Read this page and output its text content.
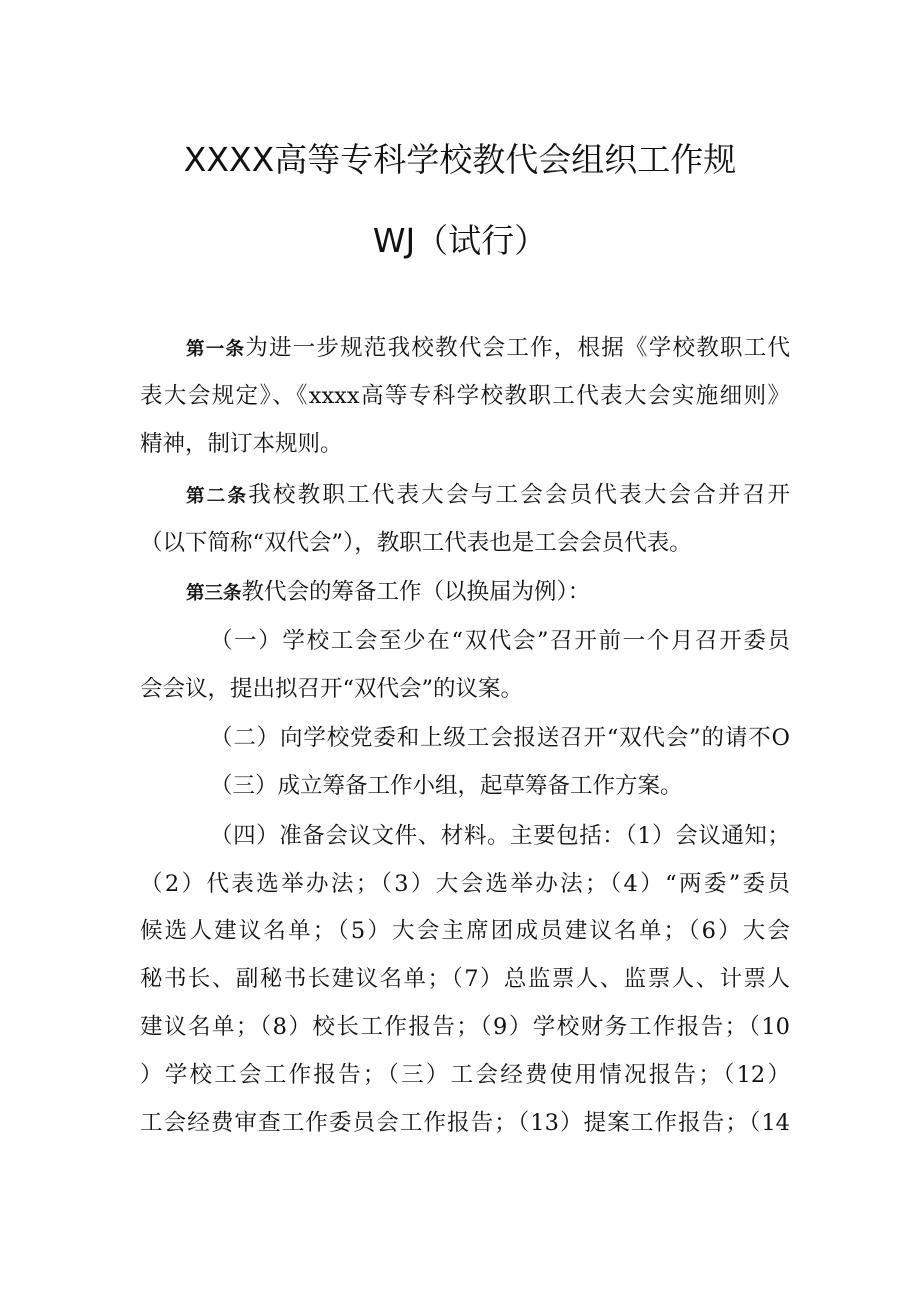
XXXX高等专科学校教代会组织工作规
WJ（试行）
第一条为进一步规范我校教代会工作，根据《学校教职工代
表大会规定》、《xxxx高等专科学校教职工代表大会实施细则》
精神，制订本规则。
第二条我校教职工代表大会与工会会员代表大会合并召开
（以下简称“双代会”），教职工代表也是工会会员代表。
第三条教代会的筹备工作（以换届为例）：
（一）学校工会至少在“双代会”召开前一个月召开委员
会会议，提出拟召开“双代会”的议案。
（二）向学校党委和上级工会报送召开“双代会”的请不O
（三）成立筹备工作小组，起草筹备工作方案。
（四）准备会议文件、材料。主要包括：（1）会议通知；
（2）代表选举办法；（3）大会选举办法；（4）“两委”委员
候选人建议名单；（5）大会主席团成员建议名单；（6）大会
秘书长、副秘书长建议名单；（7）总监票人、监票人、计票人
建议名单；（8）校长工作报告；（9）学校财务工作报告；（10
）学校工会工作报告；（三）工会经费使用情况报告；（12）
工会经费审查工作委员会工作报告；（13）提案工作报告；（14
